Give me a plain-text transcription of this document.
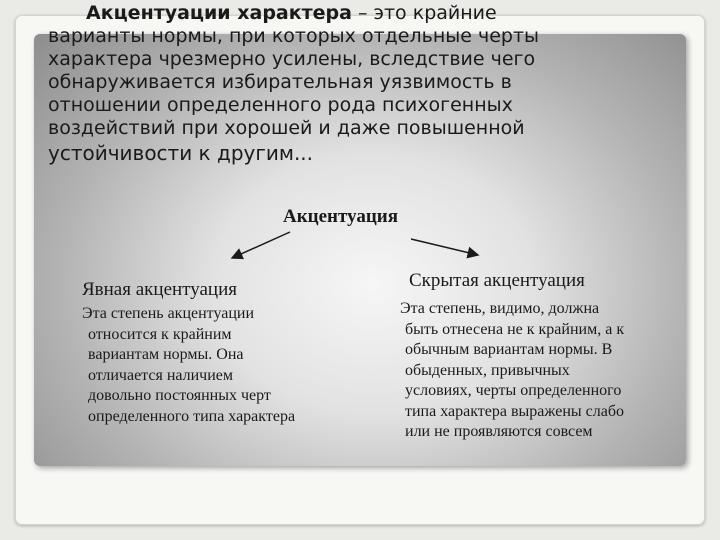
Акцентуации характера – это крайние
варианты нормы, при которых отдельные черты
характера чрезмерно усилены, вследствие чего
обнаруживается избирательная уязвимость в
отношении определенного рода психогенных
воздействий при хорошей и даже повышенной
устойчивости к другим...

Акцентуация
Явная акцентуация
Эта степень акцентуации
относится к крайним
вариантам нормы. Она
отличается наличием
довольно постоянных черт
определенного типа характера
Скрытая акцентуация
Эта степень, видимо, должна
быть отнесена не к крайним, а к
обычным вариантам нормы. В
обыденных, привычных
условиях, черты определенного
типа характера выражены слабо
или не проявляются совсем
